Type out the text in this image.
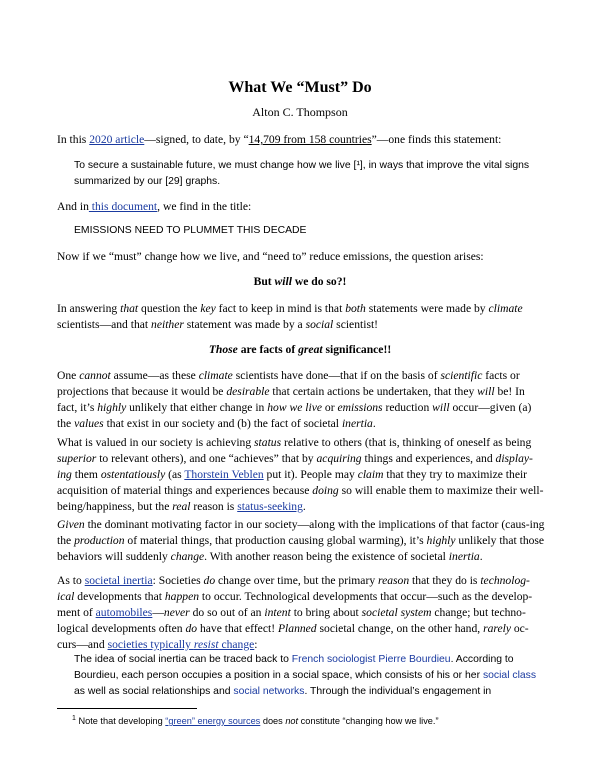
What We “Must” Do
Alton C. Thompson
In this 2020 article—signed, to date, by “14,709 from 158 countries”—one finds this statement:
To secure a sustainable future, we must change how we live [¹], in ways that improve the vital signs summarized by our [29] graphs.
And in this document, we find in the title:
EMISSIONS NEED TO PLUMMET THIS DECADE
Now if we “must” change how we live, and “need to” reduce emissions, the question arises:
But will we do so?!
In answering that question the key fact to keep in mind is that both statements were made by climate scientists—and that neither statement was made by a social scientist!
Those are facts of great significance!!
One cannot assume—as these climate scientists have done—that if on the basis of scientific facts or projections that because it would be desirable that certain actions be undertaken, that they will be! In fact, it’s highly unlikely that either change in how we live or emissions reduction will occur—given (a) the values that exist in our society and (b) the fact of societal inertia.
What is valued in our society is achieving status relative to others (that is, thinking of oneself as being superior to relevant others), and one “achieves” that by acquiring things and experiences, and display-ing them ostentatiously (as Thorstein Veblen put it). People may claim that they try to maximize their acquisition of material things and experiences because doing so will enable them to maximize their well-being/happiness, but the real reason is status-seeking.
Given the dominant motivating factor in our society—along with the implications of that factor (caus-ing the production of material things, that production causing global warming), it’s highly unlikely that those behaviors will suddenly change. With another reason being the existence of societal inertia.
As to societal inertia: Societies do change over time, but the primary reason that they do is technolog-ical developments that happen to occur. Technological developments that occur—such as the develop-ment of automobiles—never do so out of an intent to bring about societal system change; but techno-logical developments often do have that effect! Planned societal change, on the other hand, rarely oc-curs—and societies typically resist change:
The idea of social inertia can be traced back to French sociologist Pierre Bourdieu. According to Bourdieu, each person occupies a position in a social space, which consists of his or her social class as well as social relationships and social networks. Through the individual’s engagement in
$^1$ Note that developing “green” energy sources does not constitute “changing how we live.”
